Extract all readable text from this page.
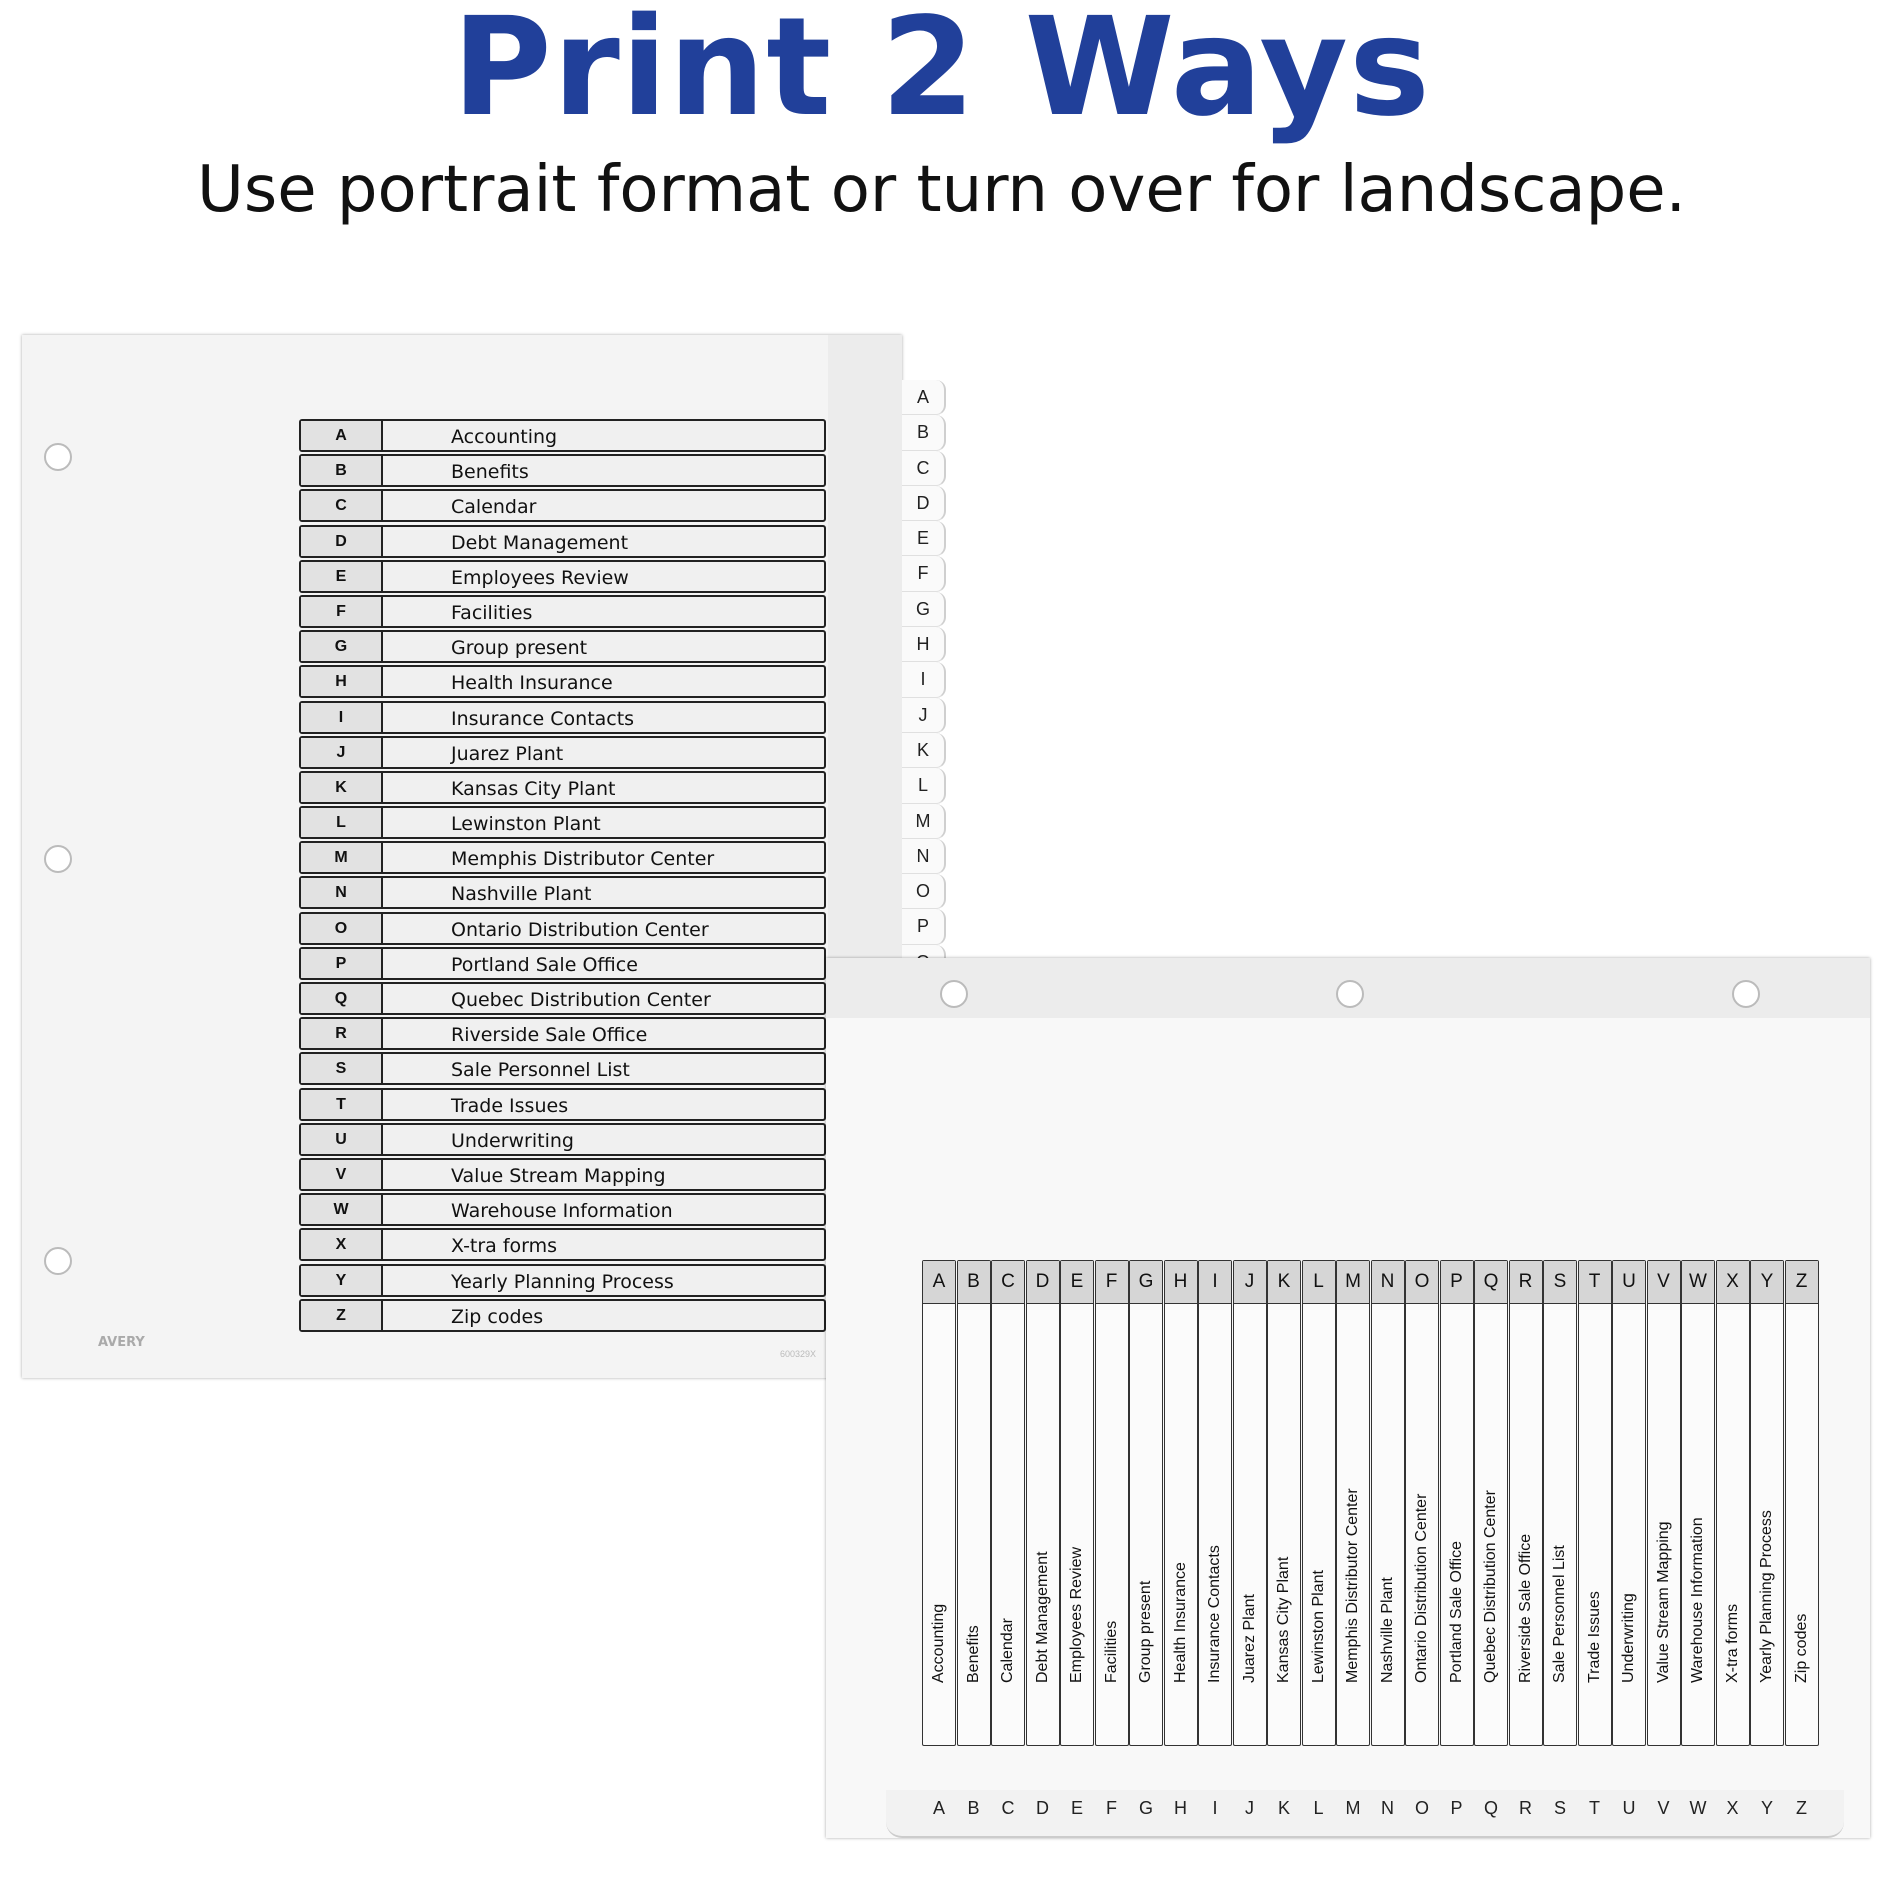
Print 2 Ways
Use portrait format or turn over for landscape.
A	Accounting
B	Benefits
C	Calendar
D	Debt Management
E	Employees Review
F	Facilities
G	Group present
H	Health Insurance
I	Insurance Contacts
J	Juarez Plant
K	Kansas City Plant
L	Lewinston Plant
M	Memphis Distributor Center
N	Nashville Plant
O	Ontario Distribution Center
P	Portland Sale Office
Q	Quebec Distribution Center
R	Riverside Sale Office
S	Sale Personnel List
T	Trade Issues
U	Underwriting
V	Value Stream Mapping
W	Warehouse Information
X	X-tra forms
Y	Yearly Planning Process
Z	Zip codes
AVERY
600329X
A
B
C
D
E
F
G
H
I
J
K
L
M
N
O
P
A
Accounting
B
Benefits
C
Calendar
D
Debt Management
E
Employees Review
F
Facilities
G
Group present
H
Health Insurance
I
Insurance Contacts
J
Juarez Plant
K
Kansas City Plant
L
Lewinston Plant
M
Memphis Distributor Center
N
Nashville Plant
O
Ontario Distribution Center
P
Portland Sale Office
Q
Quebec Distribution Center
R
Riverside Sale Office
S
Sale Personnel List
T
Trade Issues
U
Underwriting
V
Value Stream Mapping
W
Warehouse Information
X
X-tra forms
Y
Yearly Planning Process
Z
Zip codes
A	B	C	D	E	F	G	H	I	J	K	L	M	N	O	P	Q	R	S	T	U	V	W	X	Y	Z
